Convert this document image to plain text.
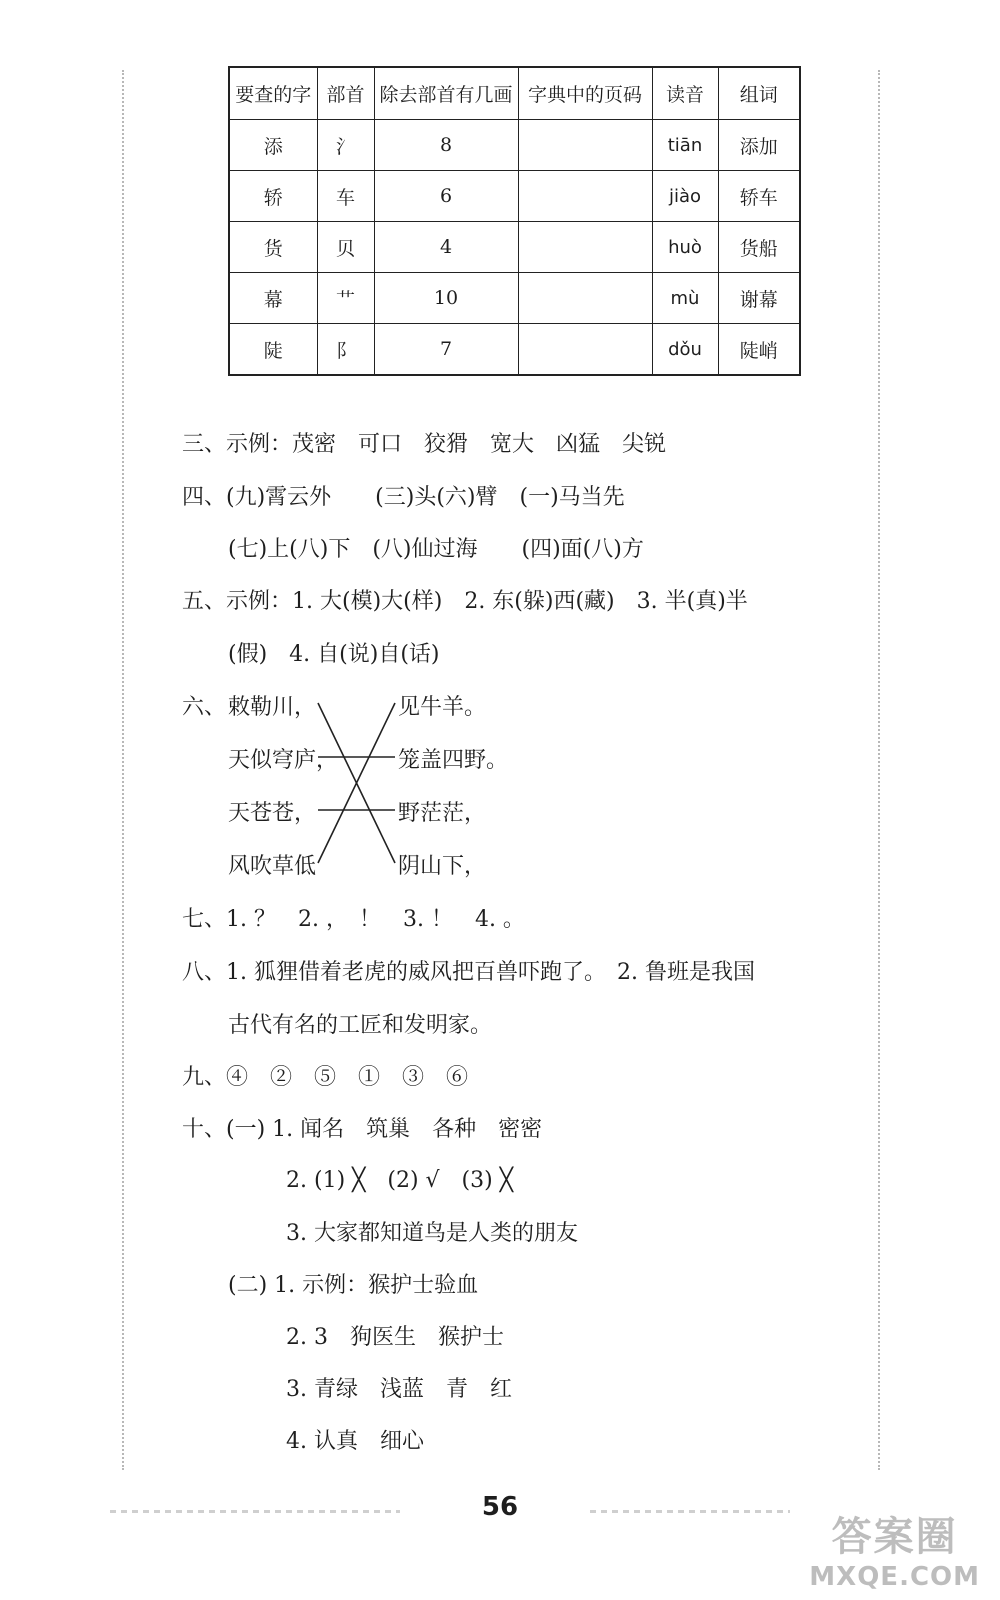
要查的字	部首	除去部首有几画	字典中的页码	读音	组词
添	氵	8		tiān	添加
轿	车	6		jiào	轿车
货	贝	4		huò	货船
幕	艹	10		mù	谢幕
陡	阝	7		dǒu	陡峭
三、示例：茂密　可口　狡猾　宽大　凶猛　尖锐
四、(九)霄云外　　(三)头(六)臂　(一)马当先
(七)上(八)下　(八)仙过海　　(四)面(八)方
五、示例：1. 大(模)大(样)　2. 东(躲)西(藏)　3. 半(真)半
(假)　4. 自(说)自(话)
六、 敕勒川，
天似穹庐，
天苍苍，
风吹草低
见牛羊。
笼盖四野。
野茫茫，
阴山下，
七、1. ？　2. ，　！　3. ！　4. 。
八、1. 狐狸借着老虎的威风把百兽吓跑了。　2. 鲁班是我国
古代有名的工匠和发明家。
九、④　②　⑤　①　③　⑥
十、(一) 1. 闻名　筑巢　各种　密密
2. (1) ╳　(2) √　(3) ╳
3. 大家都知道鸟是人类的朋友
(二) 1. 示例：猴护士验血
2. 3　狗医生　猴护士
3. 青绿　浅蓝　青　红
4. 认真　细心
56
答案圈
MXQE.COM
